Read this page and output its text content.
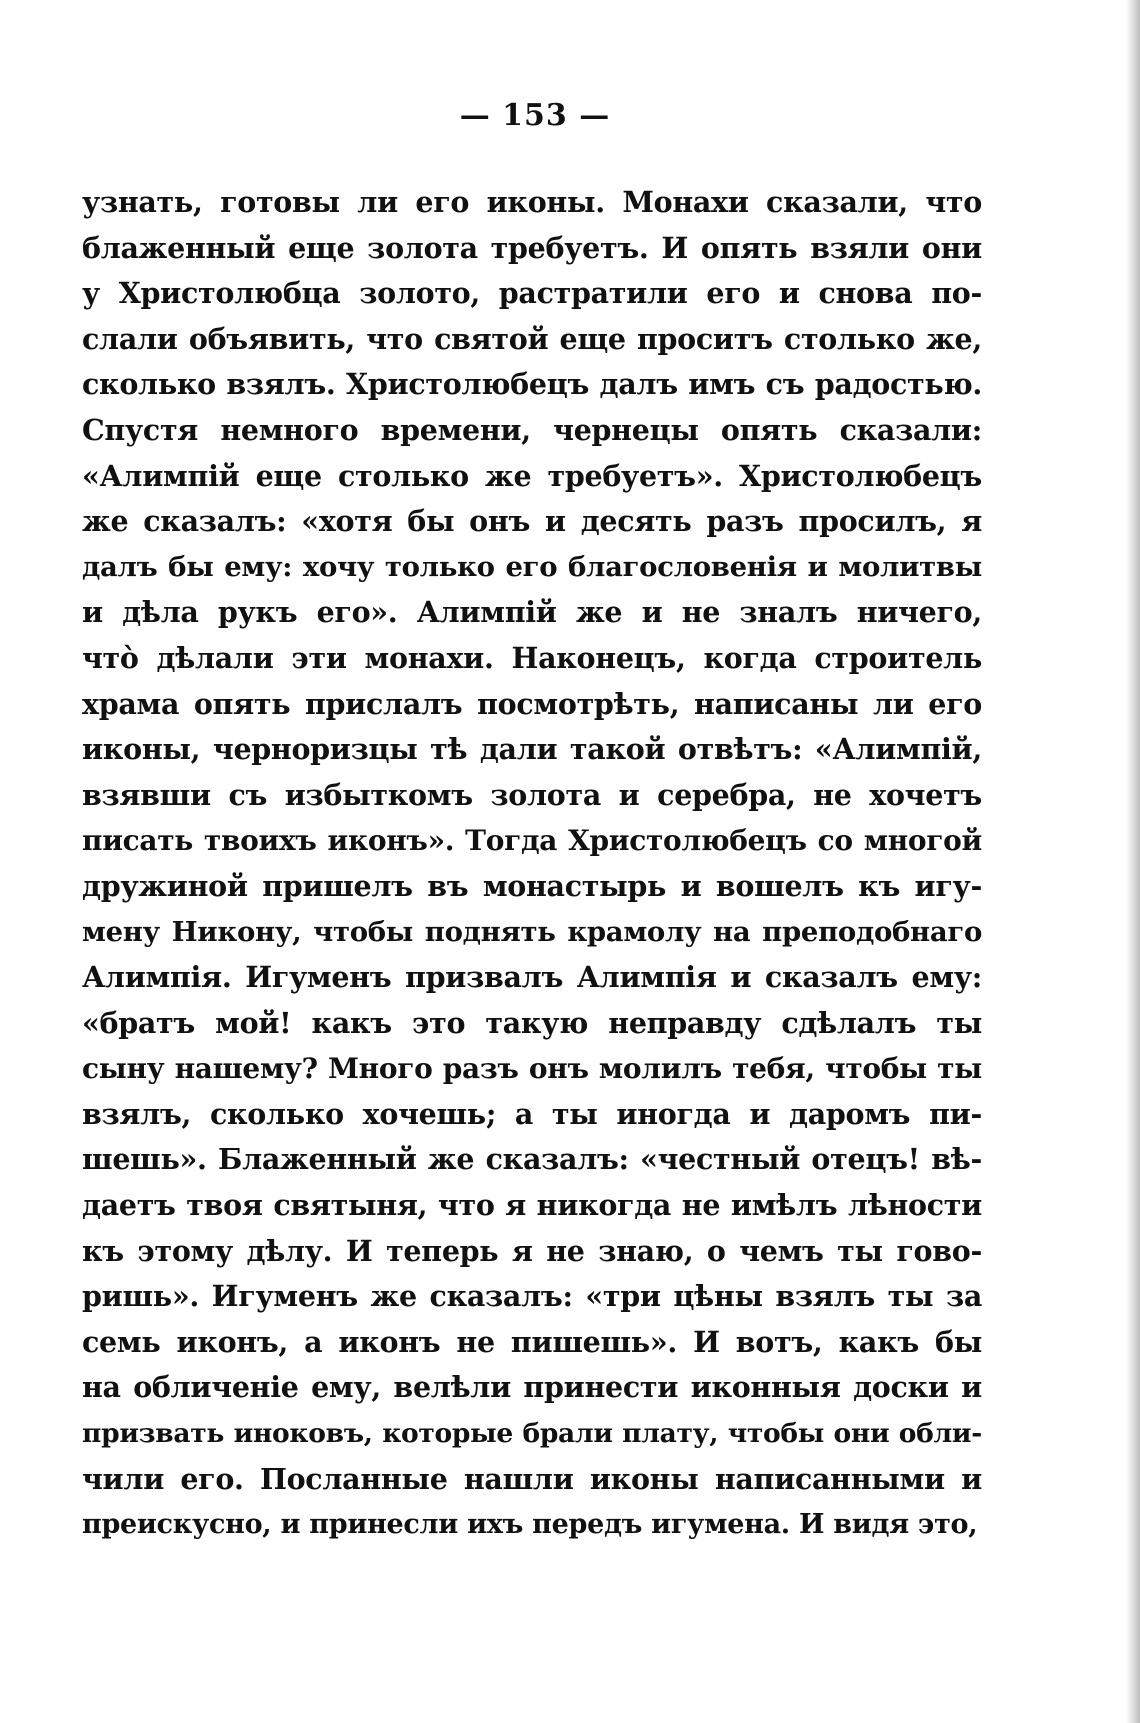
— 153 —
узнать, готовы ли его иконы. Монахи сказали, что
блаженный еще золота требуетъ. И опять взяли они
у Христолюбца золото, растратили его и снова по-
слали объявить, что святой еще проситъ столько же,
сколько взялъ. Христолюбецъ далъ имъ съ радостью.
Спустя немного времени, чернецы опять сказали:
«Алимпій еще столько же требуетъ». Христолюбецъ
же сказалъ: «хотя бы онъ и десять разъ просилъ, я
далъ бы ему: хочу только его благословенія и молитвы
и дѣла рукъ его». Алимпій же и не зналъ ничего,
чтò дѣлали эти монахи. Наконецъ, когда строитель
храма опять прислалъ посмотрѣть, написаны ли его
иконы, черноризцы тѣ дали такой отвѣтъ: «Алимпій,
взявши съ избыткомъ золота и серебра, не хочетъ
писать твоихъ иконъ». Тогда Христолюбецъ со многой
дружиной пришелъ въ монастырь и вошелъ къ игу-
мену Никону, чтобы поднять крамолу на преподобнаго
Алимпія. Игуменъ призвалъ Алимпія и сказалъ ему:
«братъ мой! какъ это такую неправду сдѣлалъ ты
сыну нашему? Много разъ онъ молилъ тебя, чтобы ты
взялъ, сколько хочешь; а ты иногда и даромъ пи-
шешь». Блаженный же сказалъ: «честный отецъ! вѣ-
даетъ твоя святыня, что я никогда не имѣлъ лѣности
къ этому дѣлу. И теперь я не знаю, о чемъ ты гово-
ришь». Игуменъ же сказалъ: «три цѣны взялъ ты за
семь иконъ, а иконъ не пишешь». И вотъ, какъ бы
на обличеніе ему, велѣли принести иконныя доски и
призвать иноковъ, которые брали плату, чтобы они обли-
чили его. Посланные нашли иконы написанными и
преискусно, и принесли ихъ передъ игумена. И видя это,
